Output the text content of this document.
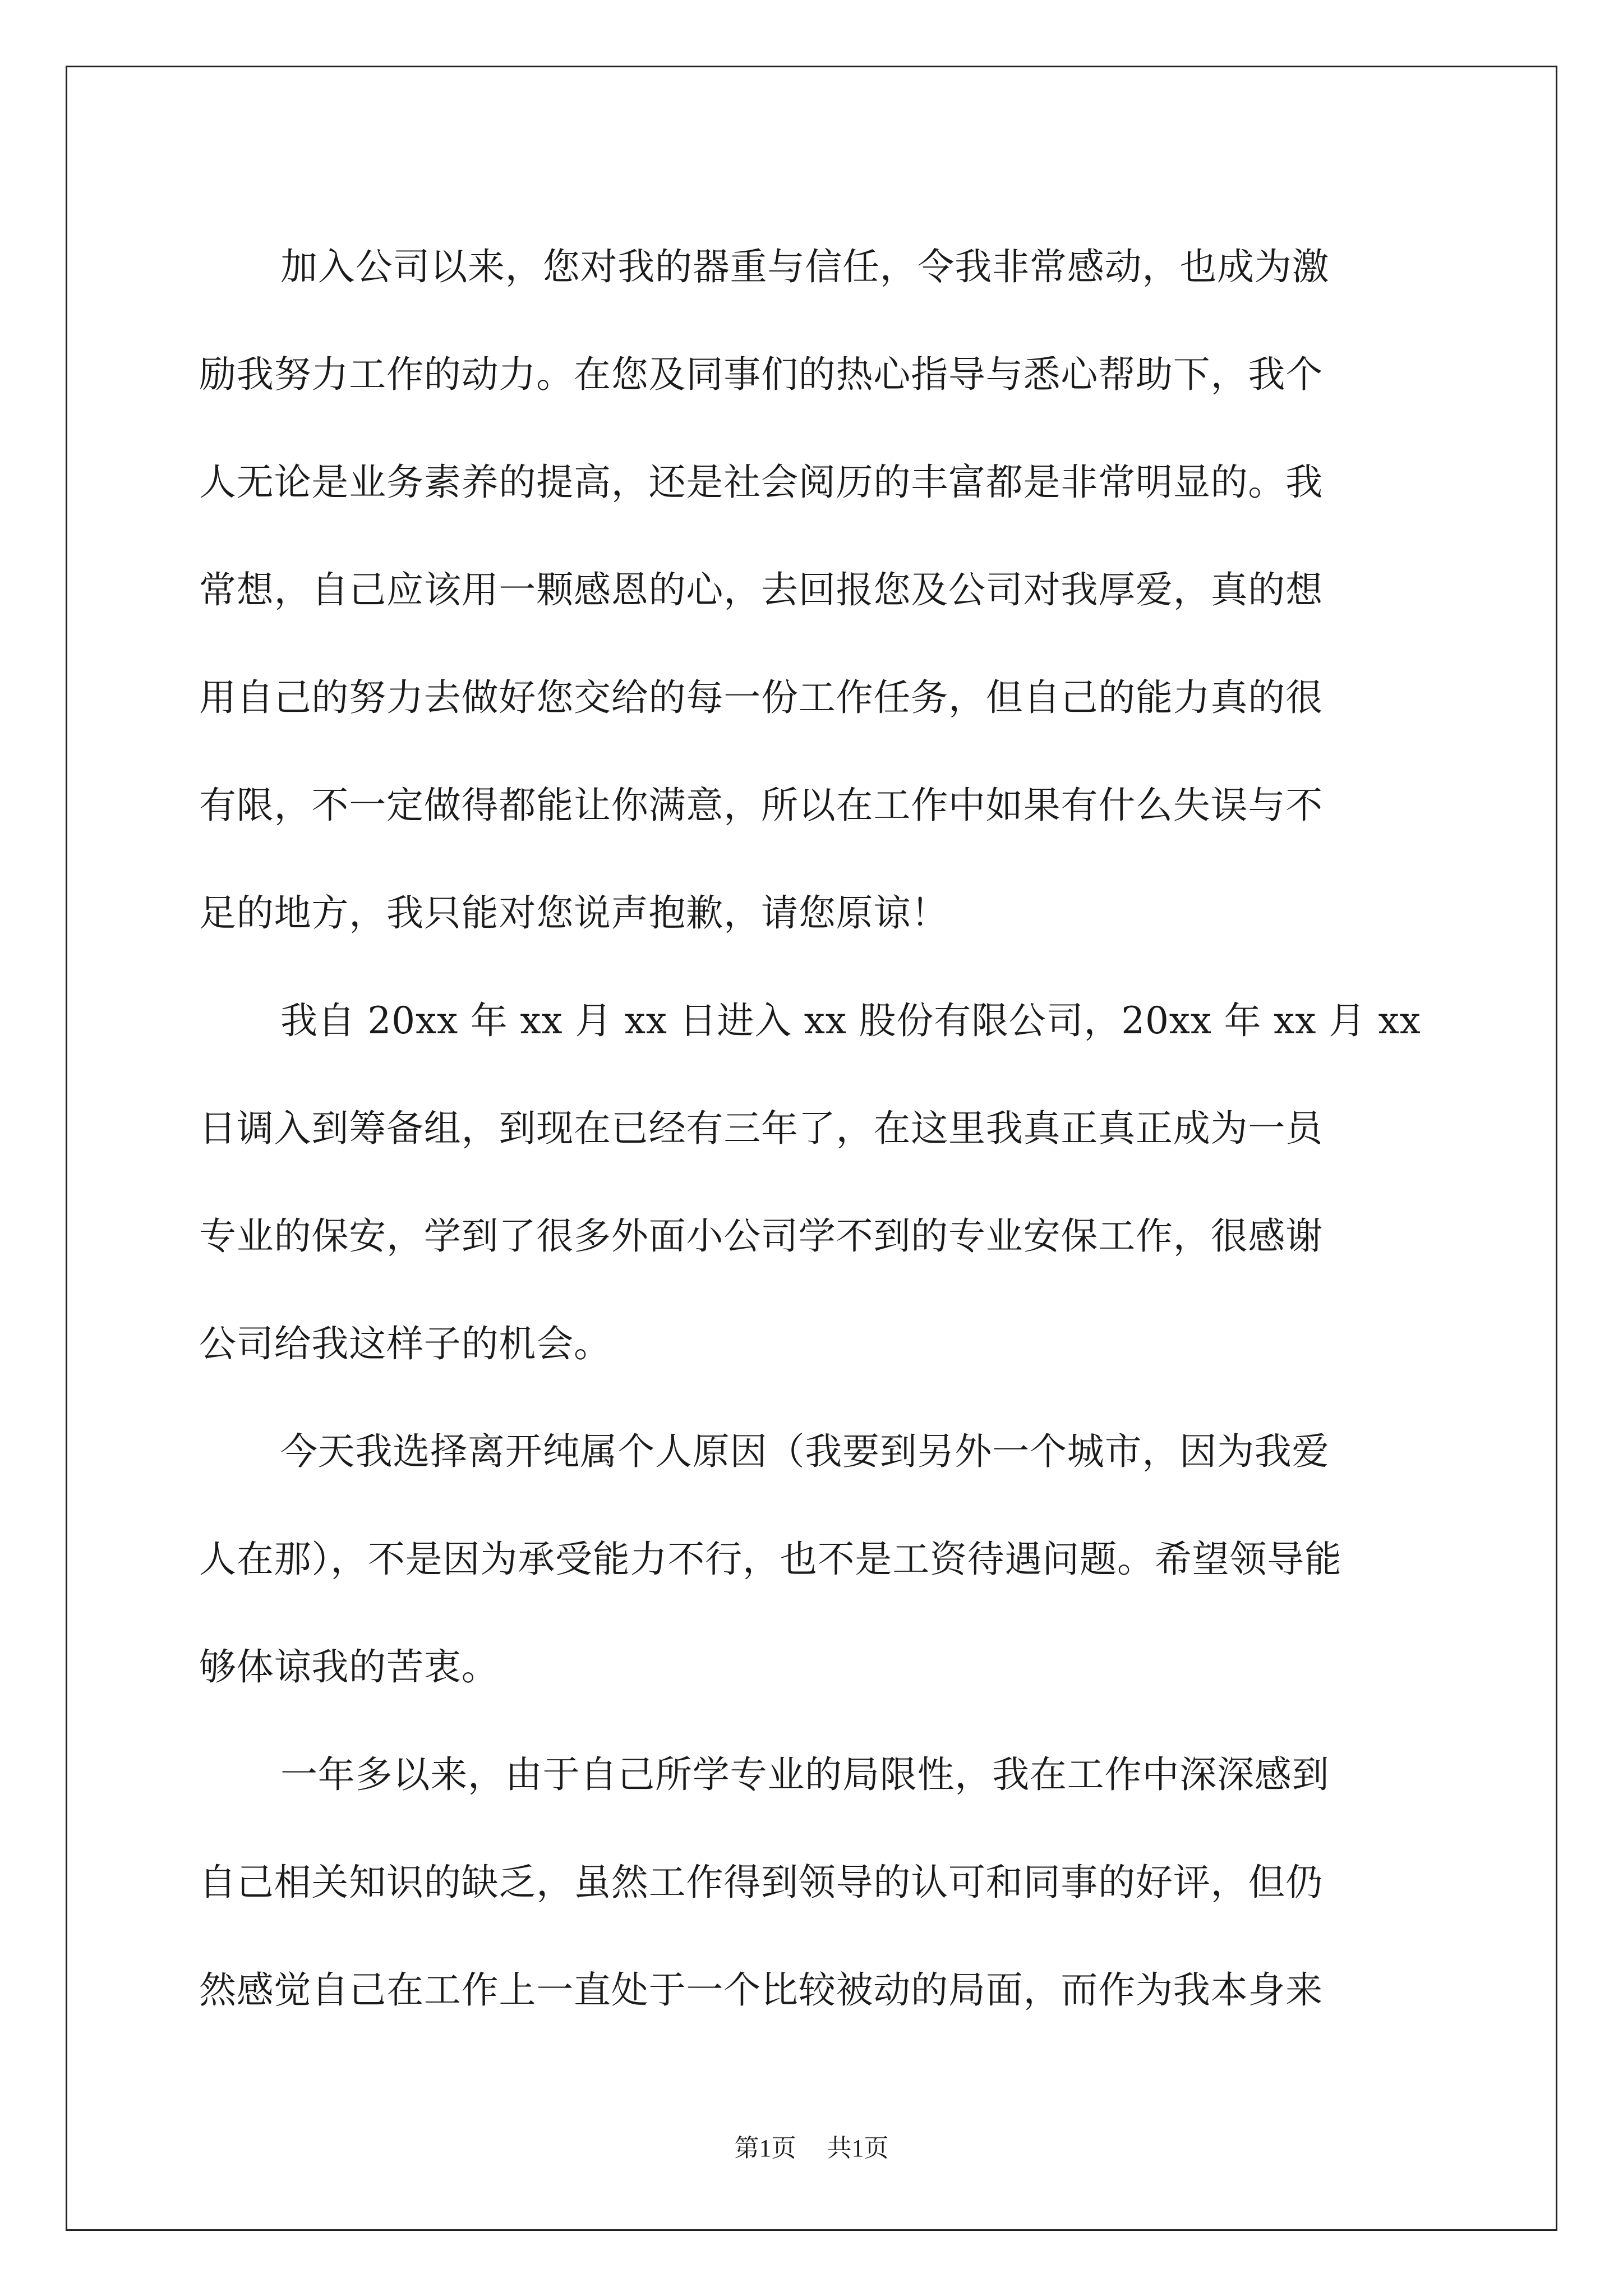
加入公司以来，您对我的器重与信任，令我非常感动，也成为激
励我努力工作的动力。在您及同事们的热心指导与悉心帮助下，我个
人无论是业务素养的提高，还是社会阅历的丰富都是非常明显的。我
常想，自己应该用一颗感恩的心，去回报您及公司对我厚爱，真的想
用自己的努力去做好您交给的每一份工作任务，但自己的能力真的很
有限，不一定做得都能让你满意，所以在工作中如果有什么失误与不
足的地方，我只能对您说声抱歉，请您原谅！
我自 20xx 年 xx 月 xx 日进入 xx 股份有限公司，20xx 年 xx 月 xx
日调入到筹备组，到现在已经有三年了，在这里我真正真正成为一员
专业的保安，学到了很多外面小公司学不到的专业安保工作，很感谢
公司给我这样子的机会。
今天我选择离开纯属个人原因（我要到另外一个城市，因为我爱
人在那），不是因为承受能力不行，也不是工资待遇问题。希望领导能
够体谅我的苦衷。
一年多以来，由于自己所学专业的局限性，我在工作中深深感到
自己相关知识的缺乏，虽然工作得到领导的认可和同事的好评，但仍
然感觉自己在工作上一直处于一个比较被动的局面，而作为我本身来
第1页 共1页
